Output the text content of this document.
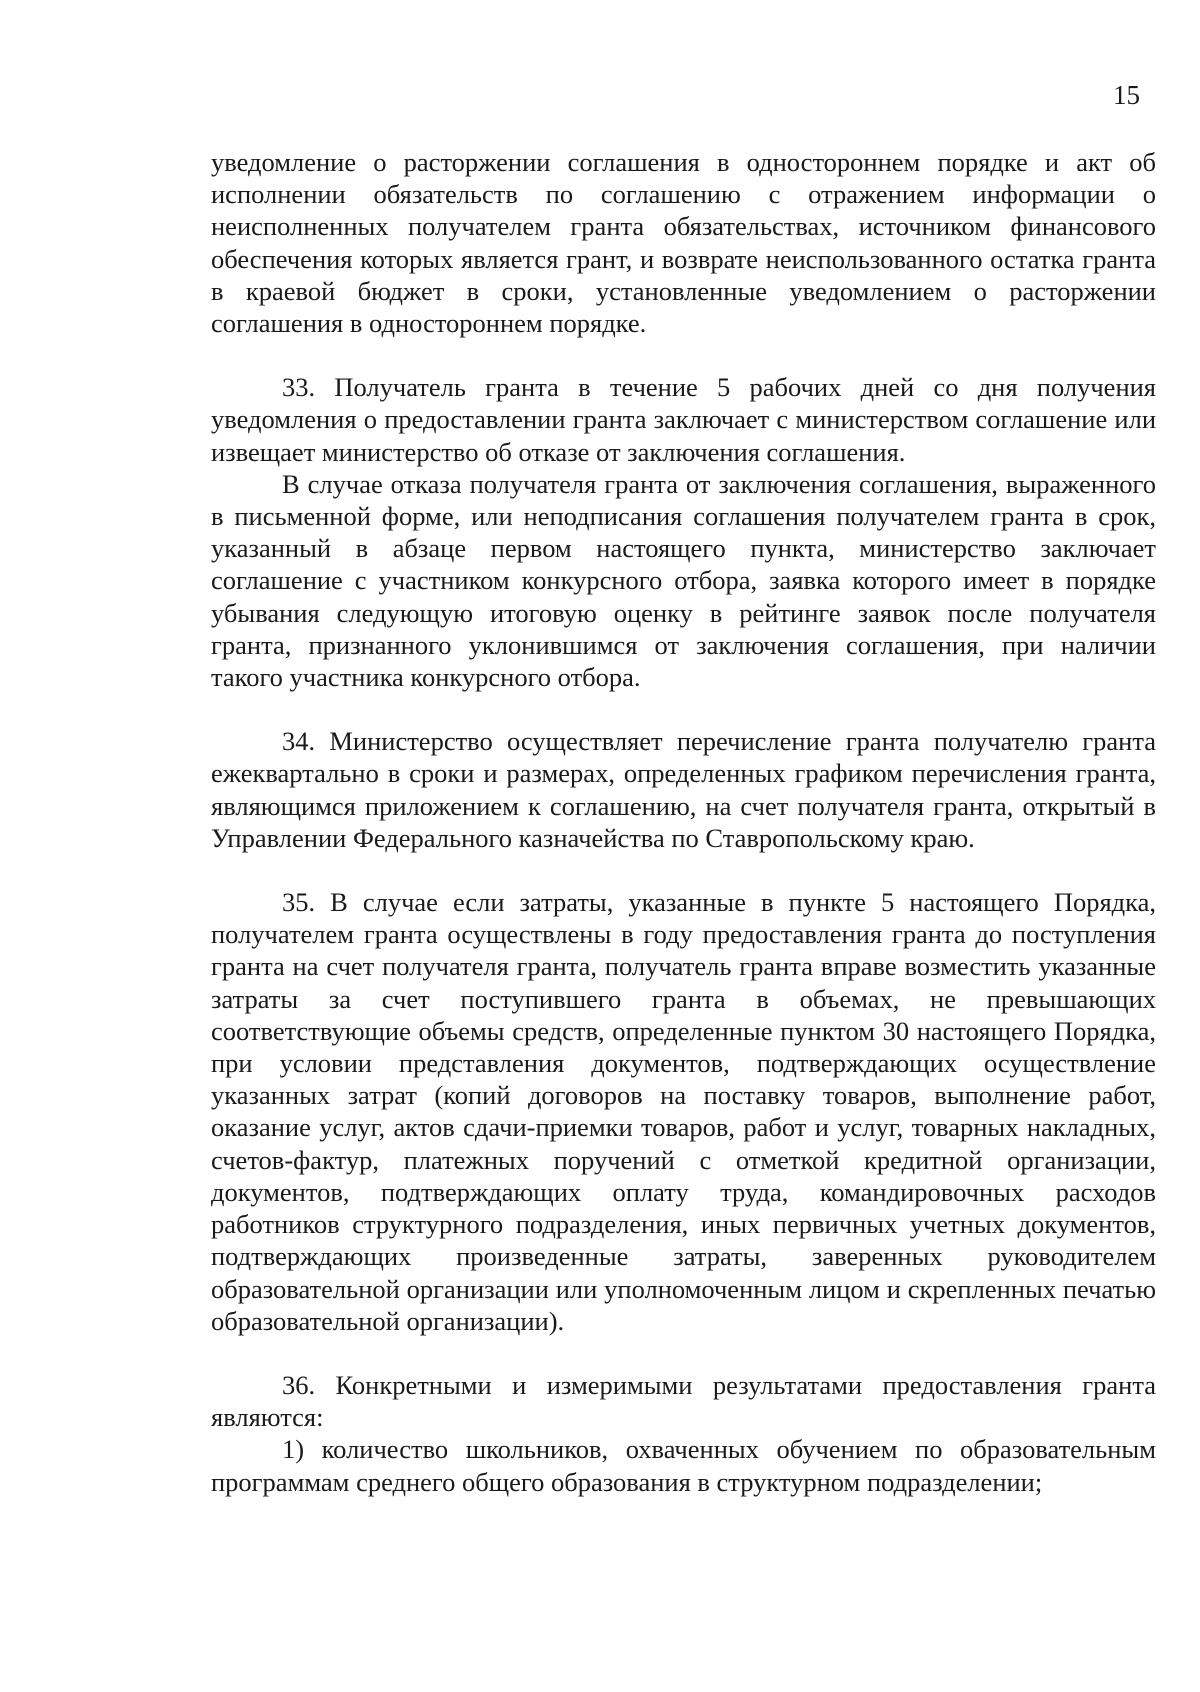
15

уведомление о расторжении соглашения в одностороннем порядке и акт об исполнении обязательств по соглашению с отражением информации о неисполненных получателем гранта обязательствах, источником финансового обеспечения которых является грант, и возврате неиспользованного остатка гранта в краевой бюджет в сроки, установленные уведомлением о расторжении соглашения в одностороннем порядке.

33. Получатель гранта в течение 5 рабочих дней со дня получения уведомления о предоставлении гранта заключает с министерством соглашение или извещает министерство об отказе от заключения соглашения.

В случае отказа получателя гранта от заключения соглашения, выраженного в письменной форме, или неподписания соглашения получателем гранта в срок, указанный в абзаце первом настоящего пункта, министерство заключает соглашение с участником конкурсного отбора, заявка которого имеет в порядке убывания следующую итоговую оценку в рейтинге заявок после получателя гранта, признанного уклонившимся от заключения соглашения, при наличии такого участника конкурсного отбора.

34. Министерство осуществляет перечисление гранта получателю гранта ежеквартально в сроки и размерах, определенных графиком перечисления гранта, являющимся приложением к соглашению, на счет получателя гранта, открытый в Управлении Федерального казначейства по Ставропольскому краю.

35. В случае если затраты, указанные в пункте 5 настоящего Порядка, получателем гранта осуществлены в году предоставления гранта до поступления гранта на счет получателя гранта, получатель гранта вправе возместить указанные затраты за счет поступившего гранта в объемах, не превышающих соответствующие объемы средств, определенные пунктом 30 настоящего Порядка, при условии представления документов, подтверждающих осуществление указанных затрат (копий договоров на поставку товаров, выполнение работ, оказание услуг, актов сдачи-приемки товаров, работ и услуг, товарных накладных, счетов-фактур, платежных поручений с отметкой кредитной организации, документов, подтверждающих оплату труда, командировочных расходов работников структурного подразделения, иных первичных учетных документов, подтверждающих произведенные затраты, заверенных руководителем образовательной организации или уполномоченным лицом и скрепленных печатью образовательной организации).

36. Конкретными и измеримыми результатами предоставления гранта являются:

1) количество школьников, охваченных обучением по образовательным программам среднего общего образования в структурном подразделении;
